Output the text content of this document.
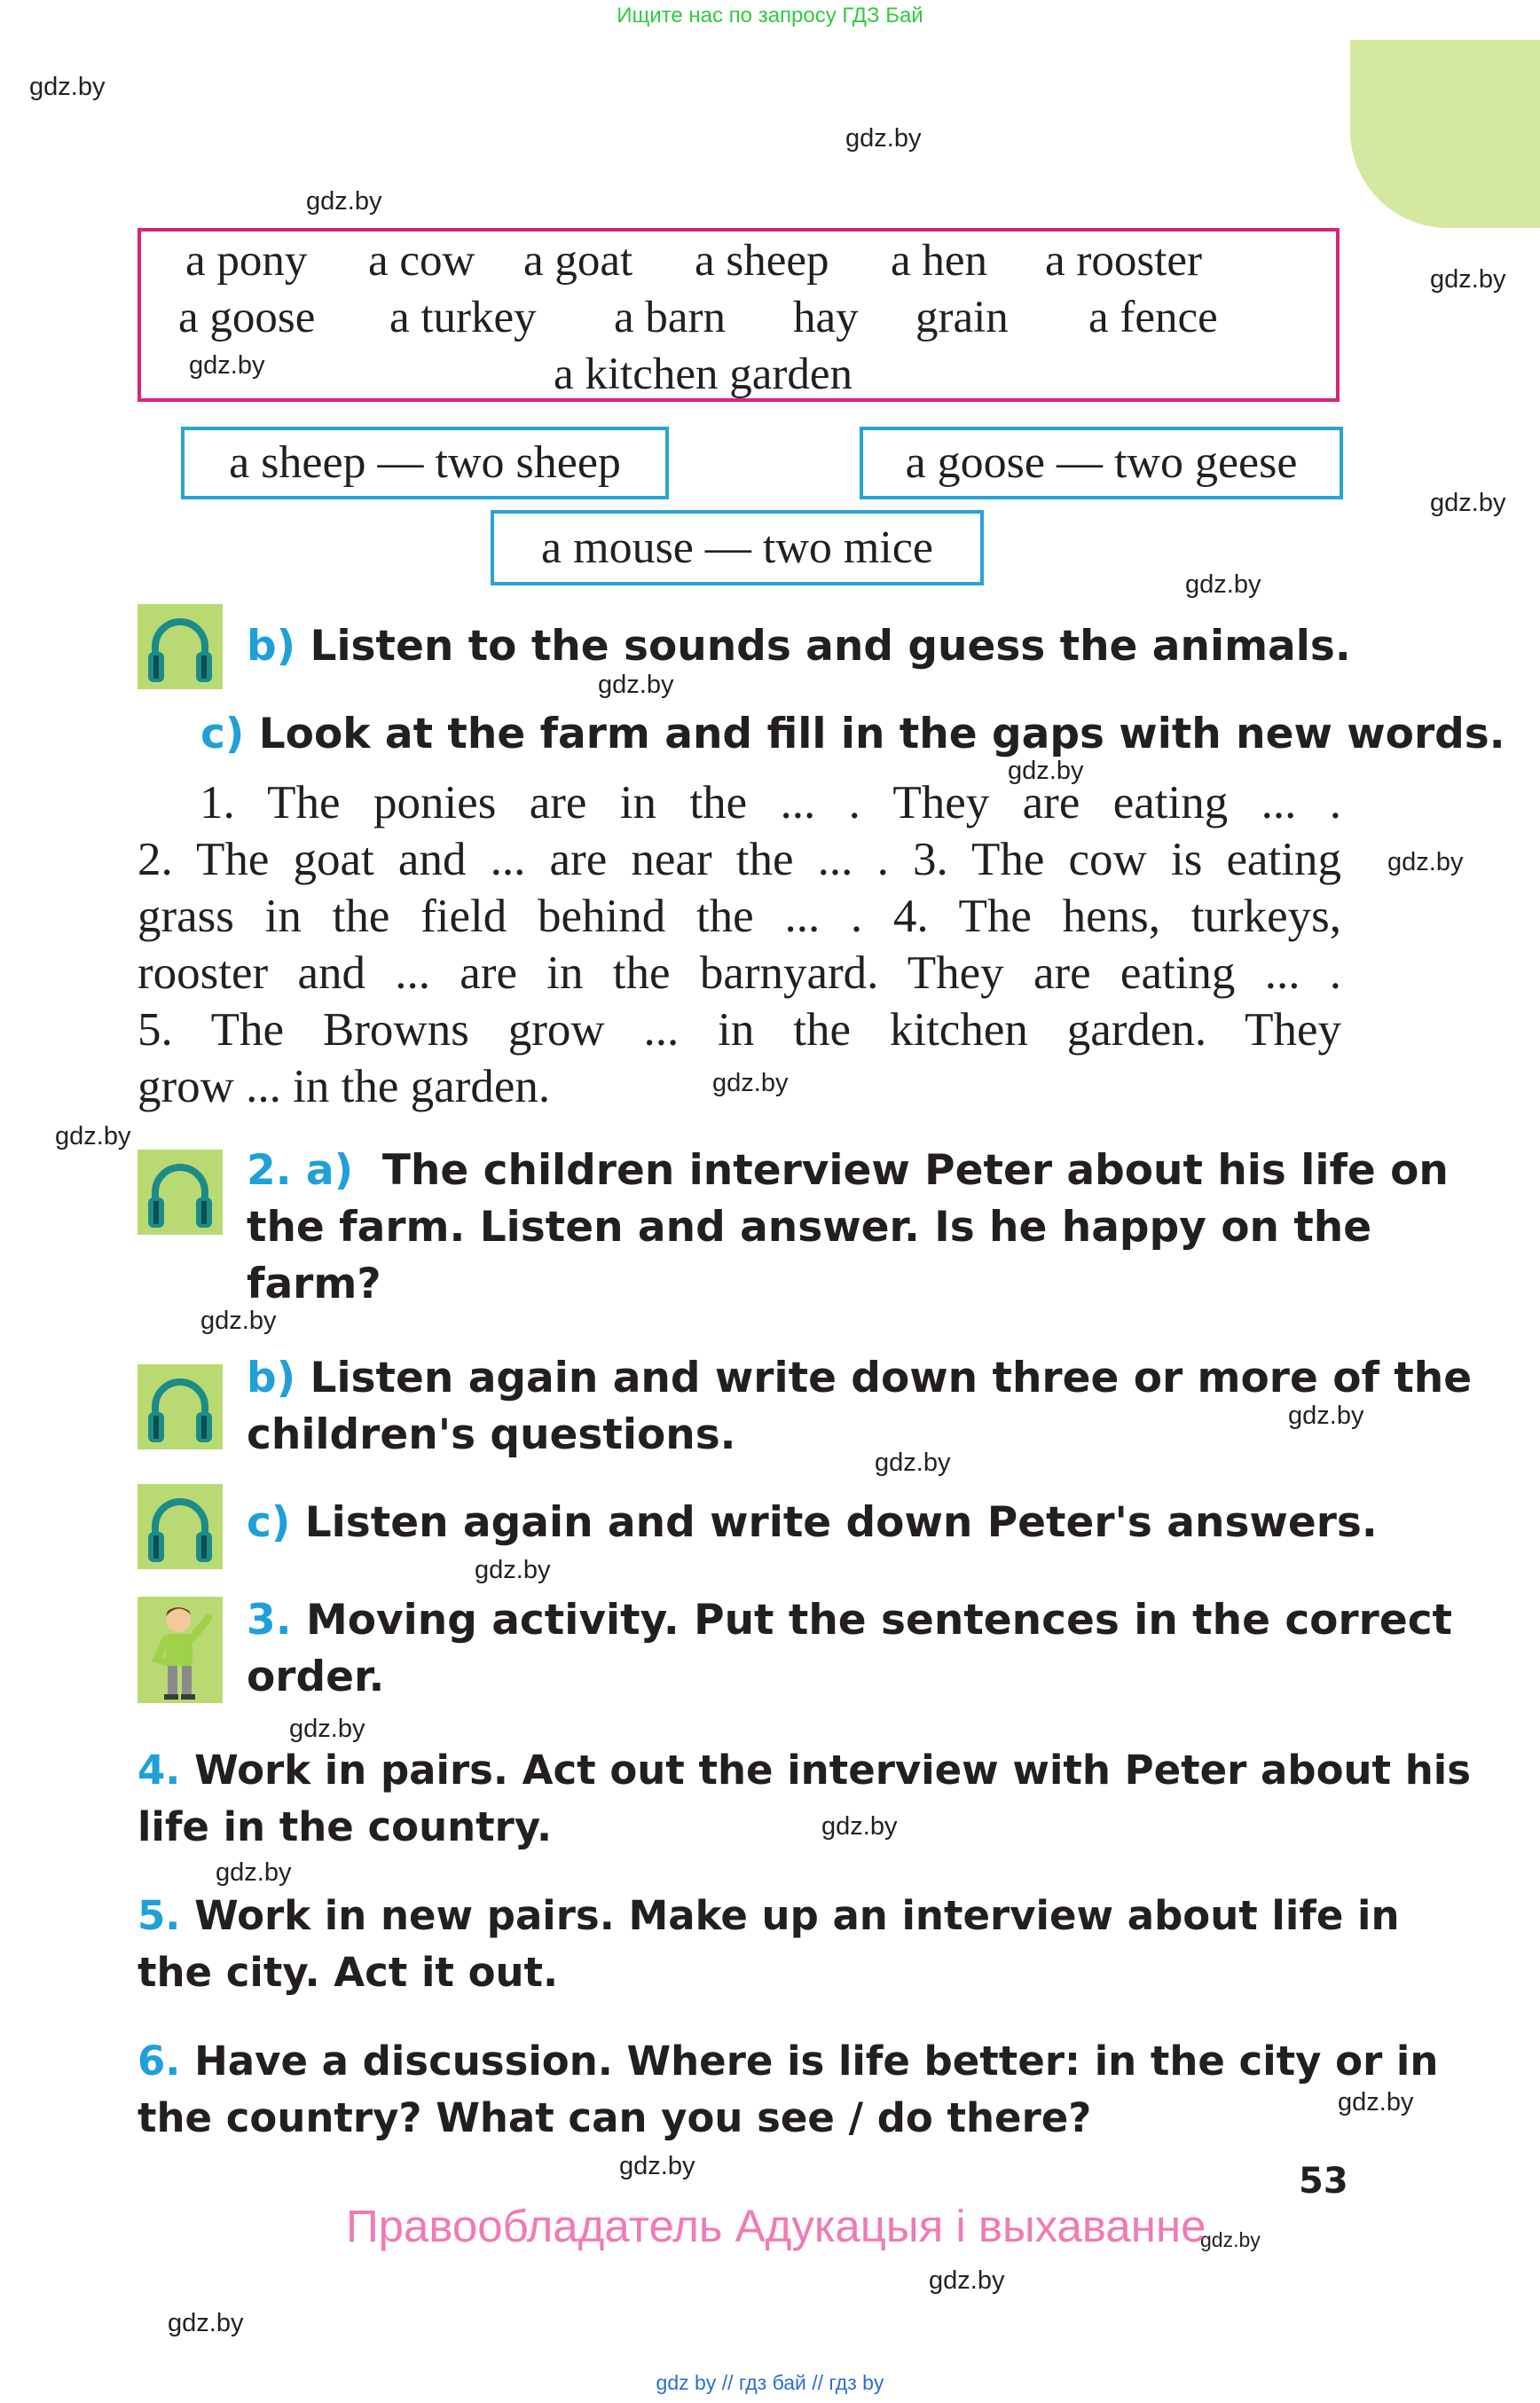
Ищите нас по запросу ГДЗ Бай
gdz.by
gdz.by
gdz.by
gdz.by
gdz.by
gdz.by
gdz.by
gdz.by
gdz.by
gdz.by
gdz.by
gdz.by
gdz.by
gdz.by
gdz.by
gdz.by
gdz.by
gdz.by
gdz.by
gdz.by
gdz.by
gdz.by
gdz.by
gdz.by
a pony a cow a goat a sheep a hen a rooster
a goose a turkey a barn hay grain a fence
a kitchen garden
a sheep — two sheep	a goose — two geese
a mouse — two mice
b) Listen to the sounds and guess the animals.
c) Look at the farm and fill in the gaps with new words.

1. The ponies are in the ... . They are eating ... .

2. The goat and ... are near the ... . 3. The cow is eating

grass in the field behind the ... . 4. The hens, turkeys,

rooster and ... are in the barnyard. They are eating ... .

5. The Browns grow ... in the kitchen garden. They

grow ... in the garden.

2. a) The children interview Peter about his life on
the farm. Listen and answer. Is he happy on the
farm?
b) Listen again and write down three or more of the
children's questions.
c) Listen again and write down Peter's answers.
3. Moving activity. Put the sentences in the correct
order.
4. Work in pairs. Act out the interview with Peter about his
life in the country.
5. Work in new pairs. Make up an interview about life in
the city. Act it out.
6. Have a discussion. Where is life better: in the city or in
the country? What can you see / do there?
53
Правообладатель Адукацыя і выхаванне
gdz by // гдз бай // гдз by
